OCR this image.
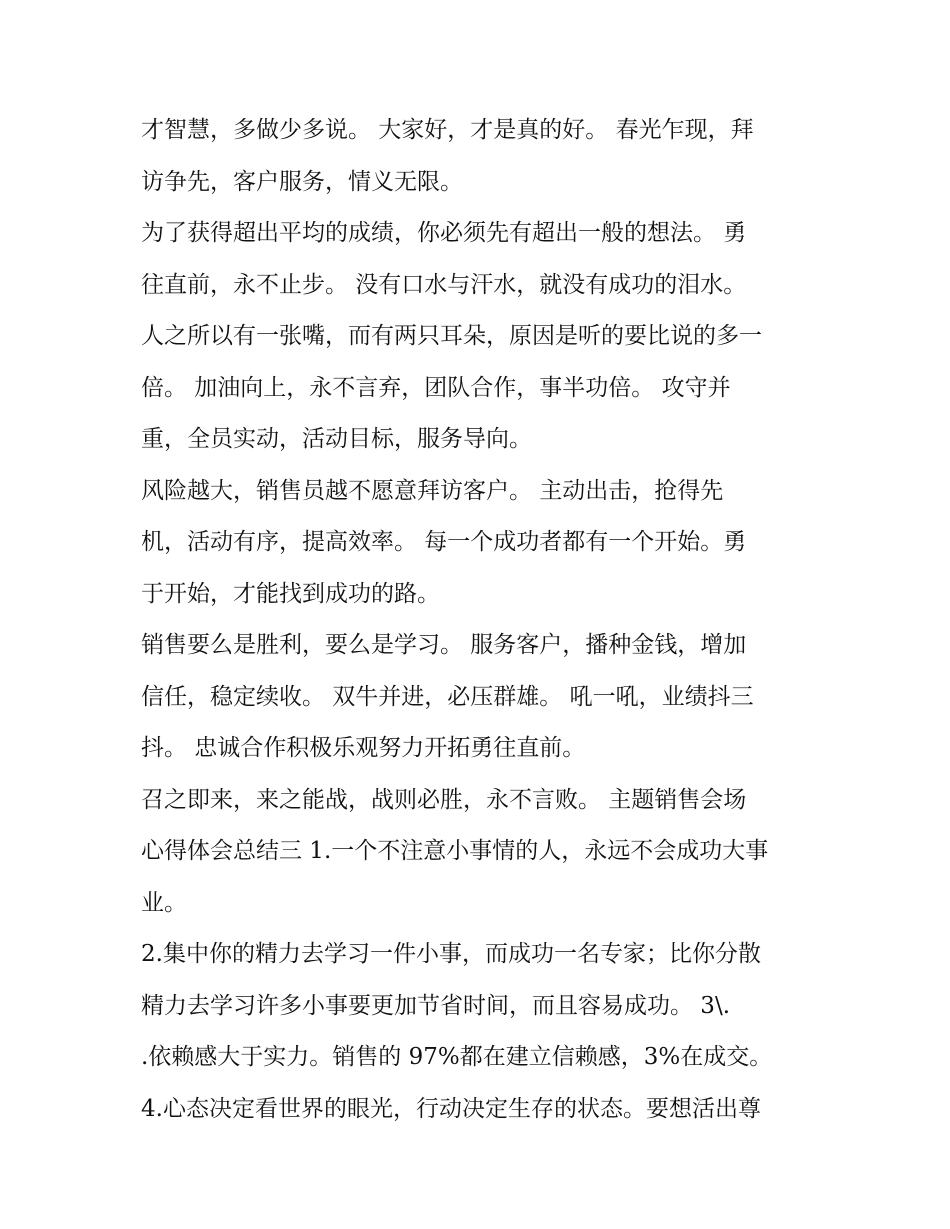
才智慧，多做少多说。 大家好，才是真的好。 春光乍现，拜
访争先，客户服务，情义无限。
为了获得超出平均的成绩，你必须先有超出一般的想法。 勇
往直前，永不止步。 没有口水与汗水，就没有成功的泪水。
人之所以有一张嘴，而有两只耳朵，原因是听的要比说的多一
倍。 加油向上，永不言弃，团队合作，事半功倍。 攻守并
重，全员实动，活动目标，服务导向。
风险越大，销售员越不愿意拜访客户。 主动出击，抢得先
机，活动有序，提高效率。 每一个成功者都有一个开始。勇
于开始，才能找到成功的路。
销售要么是胜利，要么是学习。 服务客户，播种金钱，增加
信任，稳定续收。 双牛并进，必压群雄。 吼一吼，业绩抖三
抖。 忠诚合作积极乐观努力开拓勇往直前。
召之即来，来之能战，战则必胜，永不言败。 主题销售会场
心得体会总结三 1.一个不注意小事情的人，永远不会成功大事
业。
2.集中你的精力去学习一件小事，而成功一名专家；比你分散
精力去学习许多小事要更加节省时间，而且容易成功。 3\.
.依赖感大于实力。销售的 97%都在建立信赖感，3%在成交。
4.心态决定看世界的眼光，行动决定生存的状态。要想活出尊
